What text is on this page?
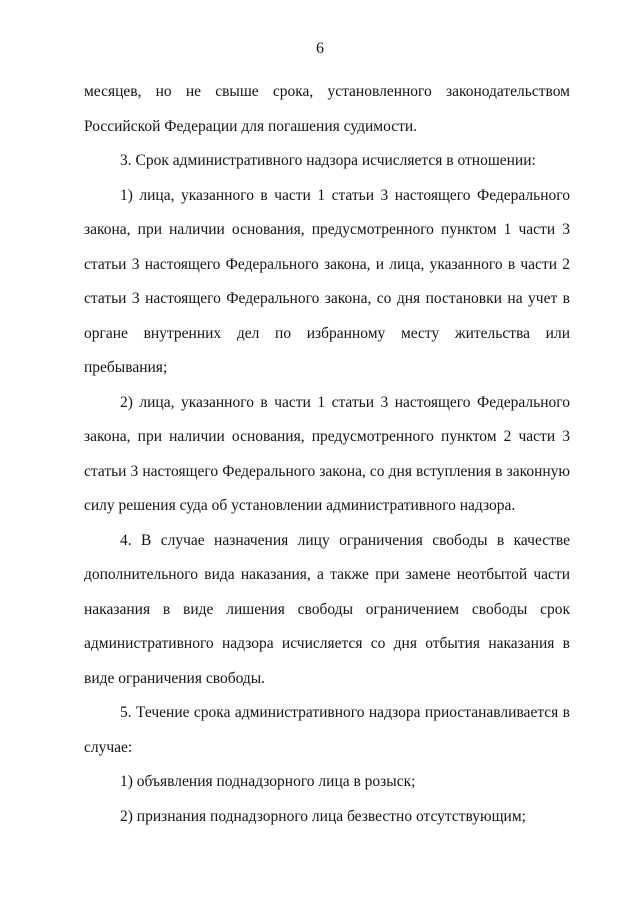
6

месяцев, но не свыше срока, установленного законодательством Российской Федерации для погашения судимости.

3. Срок административного надзора исчисляется в отношении:

1) лица, указанного в части 1 статьи 3 настоящего Федерального закона, при наличии основания, предусмотренного пунктом 1 части 3 статьи 3 настоящего Федерального закона, и лица, указанного в части 2 статьи 3 настоящего Федерального закона, со дня постановки на учет в органе внутренних дел по избранному месту жительства или пребывания;

2) лица, указанного в части 1 статьи 3 настоящего Федерального закона, при наличии основания, предусмотренного пунктом 2 части 3 статьи 3 настоящего Федерального закона, со дня вступления в законную силу решения суда об установлении административного надзора.

4. В случае назначения лицу ограничения свободы в качестве дополнительного вида наказания, а также при замене неотбытой части наказания в виде лишения свободы ограничением свободы срок административного надзора исчисляется со дня отбытия наказания в виде ограничения свободы.

5. Течение срока административного надзора приостанавливается в случае:

1) объявления поднадзорного лица в розыск;

2) признания поднадзорного лица безвестно отсутствующим;
